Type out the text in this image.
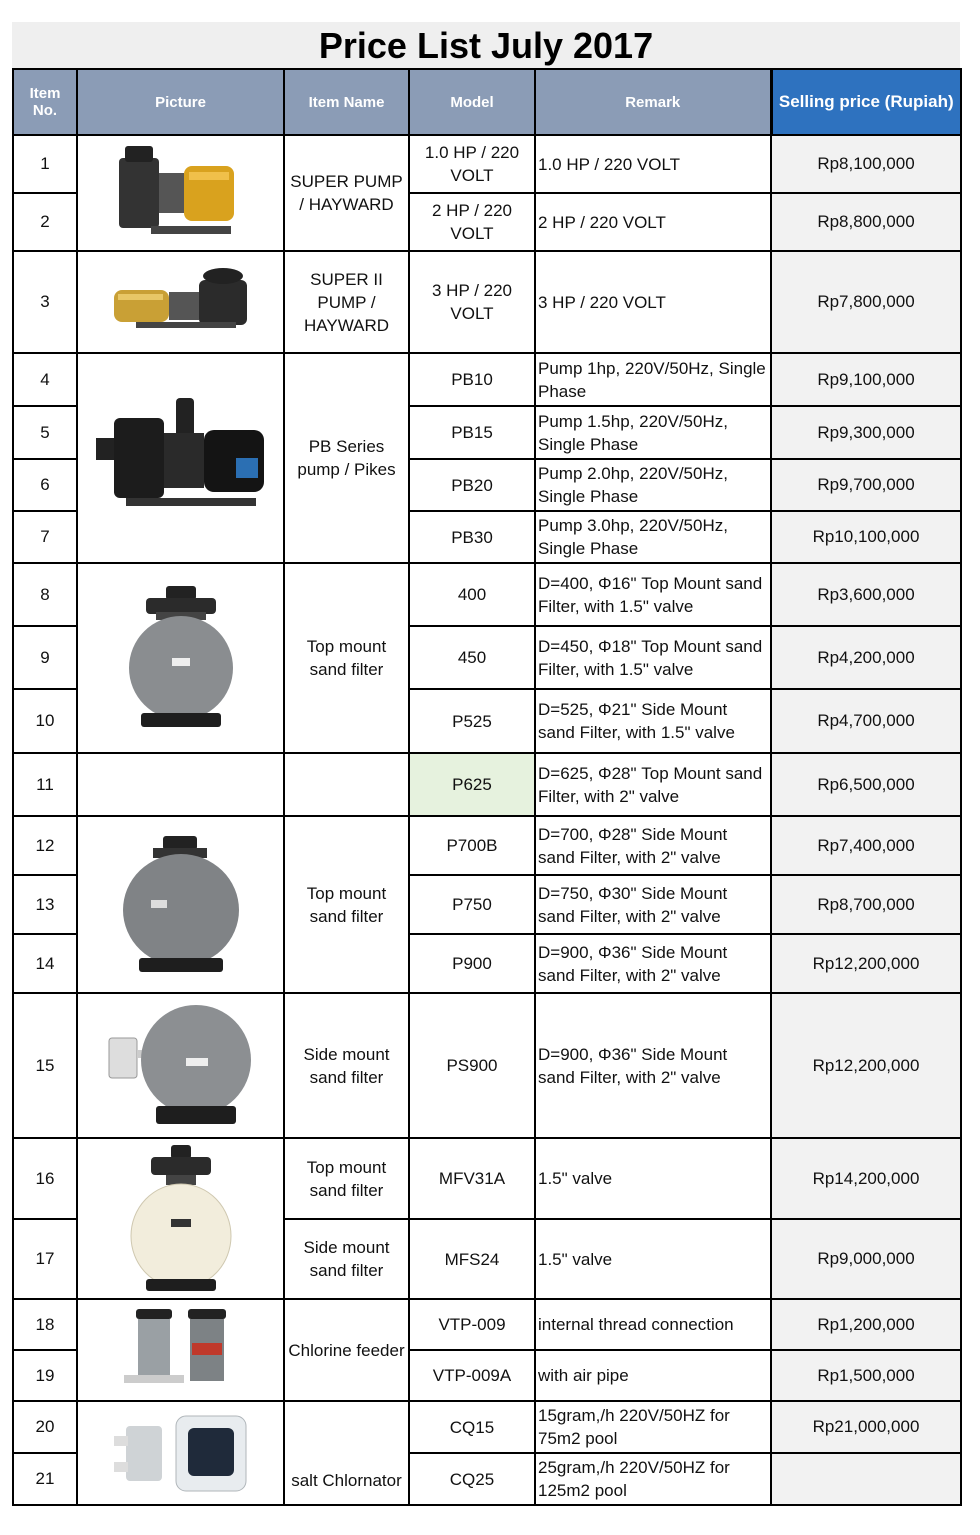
Price List July 2017
Item No.	Picture	Item Name	Model	Remark	Selling price (Rupiah)
1		SUPER PUMP / HAYWARD	1.0 HP / 220 VOLT	1.0 HP / 220 VOLT	Rp8,100,000
2			2 HP / 220 VOLT	2 HP / 220 VOLT	Rp8,800,000
3		SUPER II PUMP / HAYWARD	3 HP / 220 VOLT	3 HP / 220 VOLT	Rp7,800,000
4		PB Series pump / Pikes	PB10	Pump 1hp, 220V/50Hz, Single Phase	Rp9,100,000
5			PB15	Pump 1.5hp, 220V/50Hz, Single Phase	Rp9,300,000
6			PB20	Pump 2.0hp, 220V/50Hz, Single Phase	Rp9,700,000
7			PB30	Pump 3.0hp, 220V/50Hz, Single Phase	Rp10,100,000
8		Top mount sand filter	400	D=400, Φ16" Top Mount sand Filter, with 1.5" valve	Rp3,600,000
9			450	D=450, Φ18" Top Mount sand Filter, with 1.5" valve	Rp4,200,000
10			P525	D=525, Φ21" Side Mount sand Filter, with 1.5" valve	Rp4,700,000
11			P625	D=625, Φ28" Top Mount sand Filter, with 2" valve	Rp6,500,000
12		Top mount sand filter	P700B	D=700, Φ28" Side Mount sand Filter, with 2" valve	Rp7,400,000
13			P750	D=750, Φ30" Side Mount sand Filter, with 2" valve	Rp8,700,000
14			P900	D=900, Φ36" Side Mount sand Filter, with 2" valve	Rp12,200,000
15		Side mount sand filter	PS900	D=900, Φ36" Side Mount sand Filter, with 2" valve	Rp12,200,000
16		Top mount sand filter	MFV31A	1.5" valve	Rp14,200,000
17		Side mount sand filter	MFS24	1.5" valve	Rp9,000,000
18		Chlorine feeder	VTP-009	internal thread connection	Rp1,200,000
19			VTP-009A	with air pipe	Rp1,500,000
20		salt Chlornator	CQ15	15gram,/h 220V/50HZ for 75m2 pool	Rp21,000,000
21			CQ25	25gram,/h 220V/50HZ for 125m2 pool	
